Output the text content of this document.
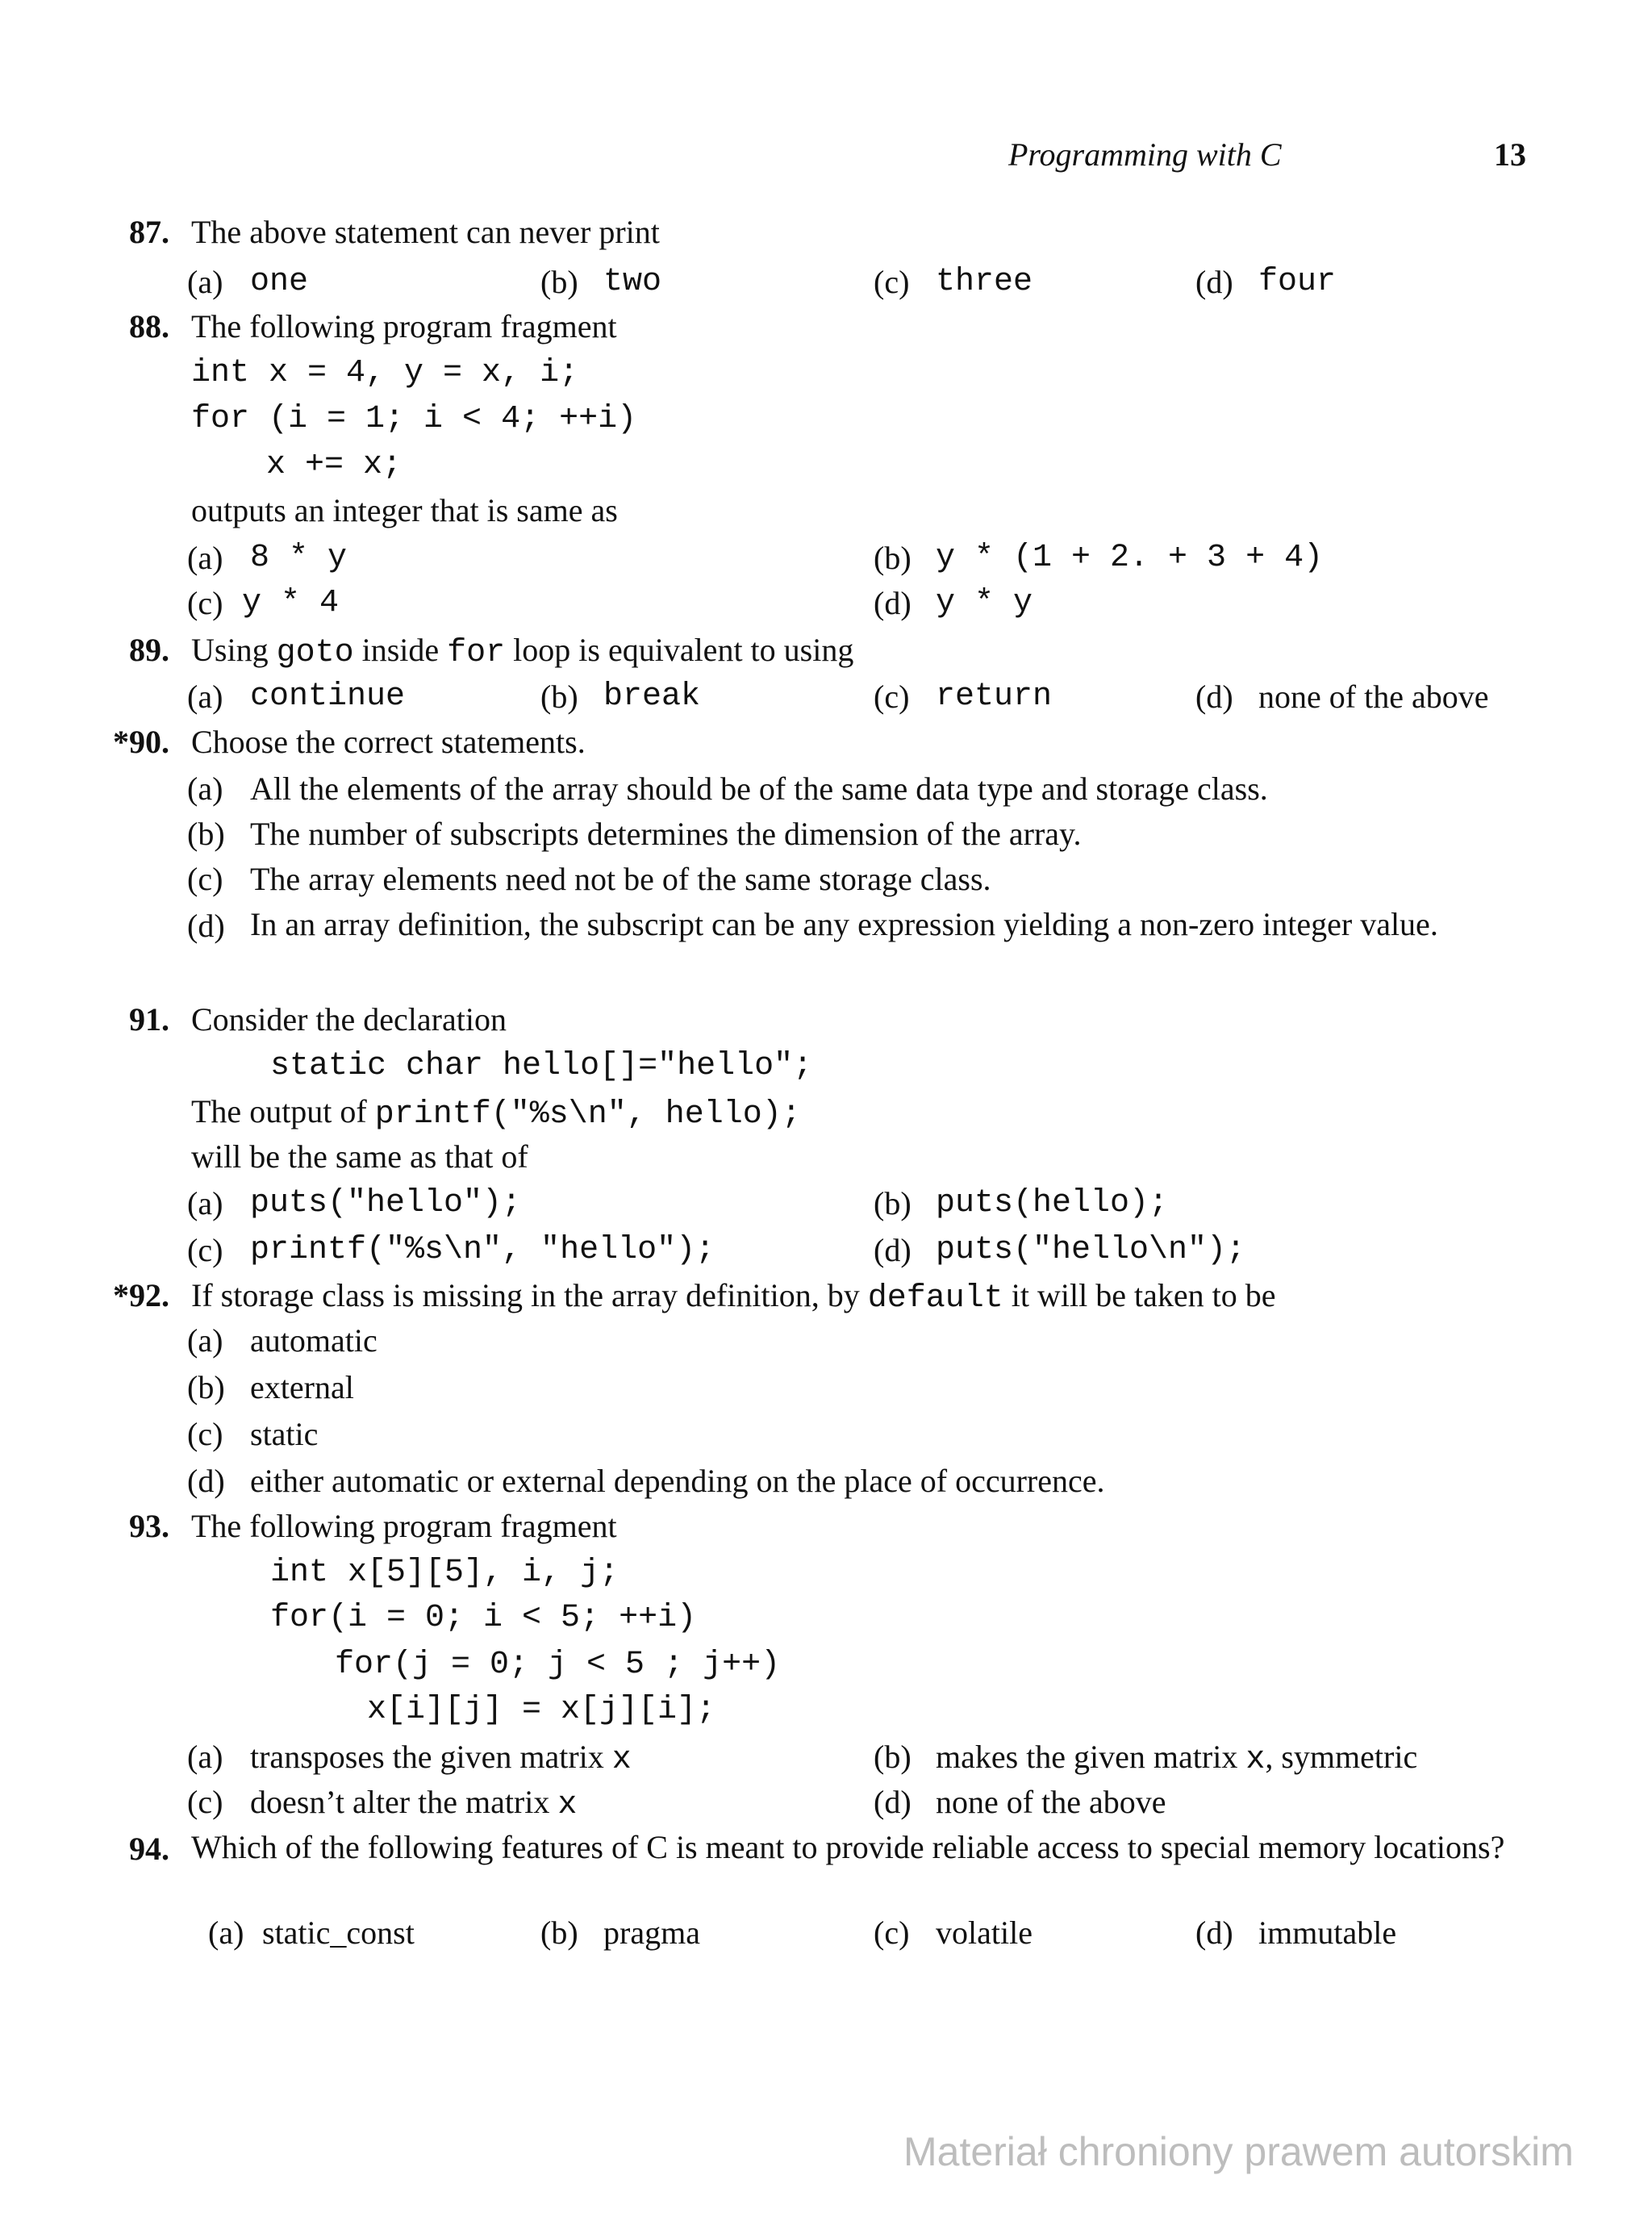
Programming with C	13
87. The above statement can never print
(a) one	(b) two	(c) three	(d) four
88. The following program fragment
int x = 4, y = x, i;
for (i = 1; i < 4; ++i)
x += x;
outputs an integer that is same as
(a) 8 * y	(b) y * (1 + 2. + 3 + 4)
(c) y * 4	(d) y * y
89. Using goto inside for loop is equivalent to using
(a) continue	(b) break	(c) return	(d) none of the above
*90. Choose the correct statements.
(a) All the elements of the array should be of the same data type and storage class.
(b) The number of subscripts determines the dimension of the array.
(c) The array elements need not be of the same storage class.
(d) In an array definition, the subscript can be any expression yielding a non-zero integer value.
91. Consider the declaration
static char hello[]="hello";
The output of printf("%s\n", hello);
will be the same as that of
(a) puts("hello");	(b) puts(hello);
(c) printf("%s\n", "hello");	(d) puts("hello\n");
*92. If storage class is missing in the array definition, by default it will be taken to be
(a) automatic
(b) external
(c) static
(d) either automatic or external depending on the place of occurrence.
93. The following program fragment
int x[5][5], i, j;
for(i = 0; i < 5; ++i)
for(j = 0; j < 5 ; j++)
x[i][j] = x[j][i];
(a) transposes the given matrix x	(b) makes the given matrix x, symmetric
(c) doesn’t alter the matrix x	(d) none of the above
94. Which of the following features of C is meant to provide reliable access to special memory locations?
(a) static_const	(b) pragma	(c) volatile	(d) immutable
Materiał chroniony prawem autorskim
